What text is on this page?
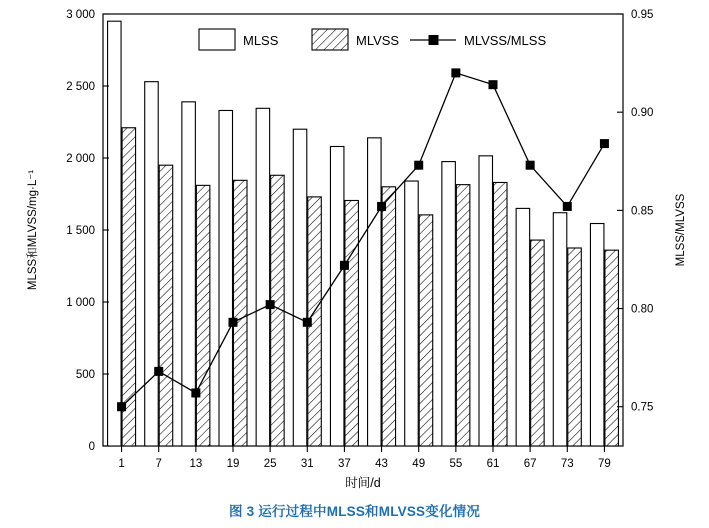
0
500
1 000
1 500
2 000
2 500
3 000
0.75
0.80
0.85
0.90
0.95
1	7 13 19 25 31 37 43 49 55 61 67 73 79
MLSS	MLVSS	MLVSS/MLSS
MLSS和MLVSS/mg·L⁻¹	MLSS/MLVSS
时间/d
图 3 运行过程中MLSS和MLVSS变化情况
